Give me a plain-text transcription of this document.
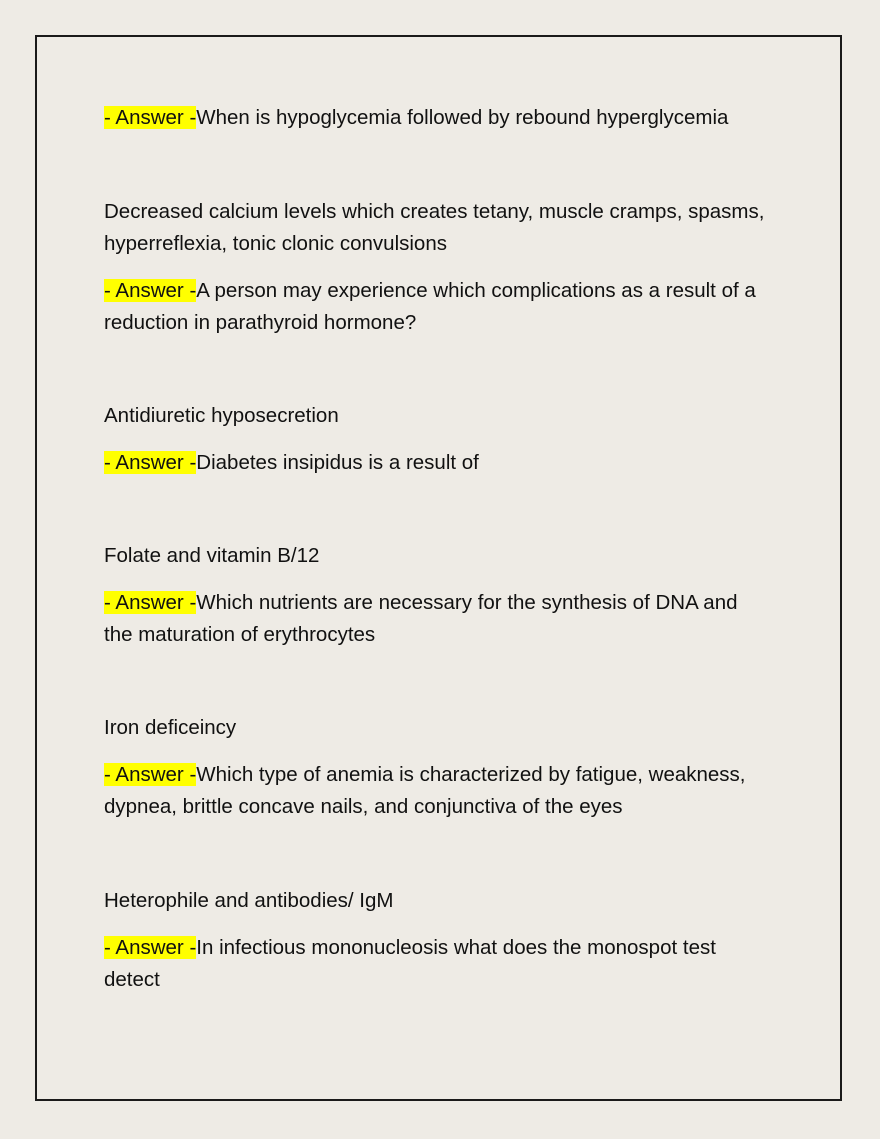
- Answer -When is hypoglycemia followed by rebound hyperglycemia
Decreased calcium levels which creates tetany, muscle cramps, spasms,
hyperreflexia, tonic clonic convulsions
- Answer -A person may experience which complications as a result of a
reduction in parathyroid hormone?
Antidiuretic hyposecretion
- Answer -Diabetes insipidus is a result of
Folate and vitamin B/12
- Answer -Which nutrients are necessary for the synthesis of DNA and
the maturation of erythrocytes
Iron deficeincy
- Answer -Which type of anemia is characterized by fatigue, weakness,
dypnea, brittle concave nails, and conjunctiva of the eyes
Heterophile and antibodies/ IgM
- Answer -In infectious mononucleosis what does the monospot test
detect
